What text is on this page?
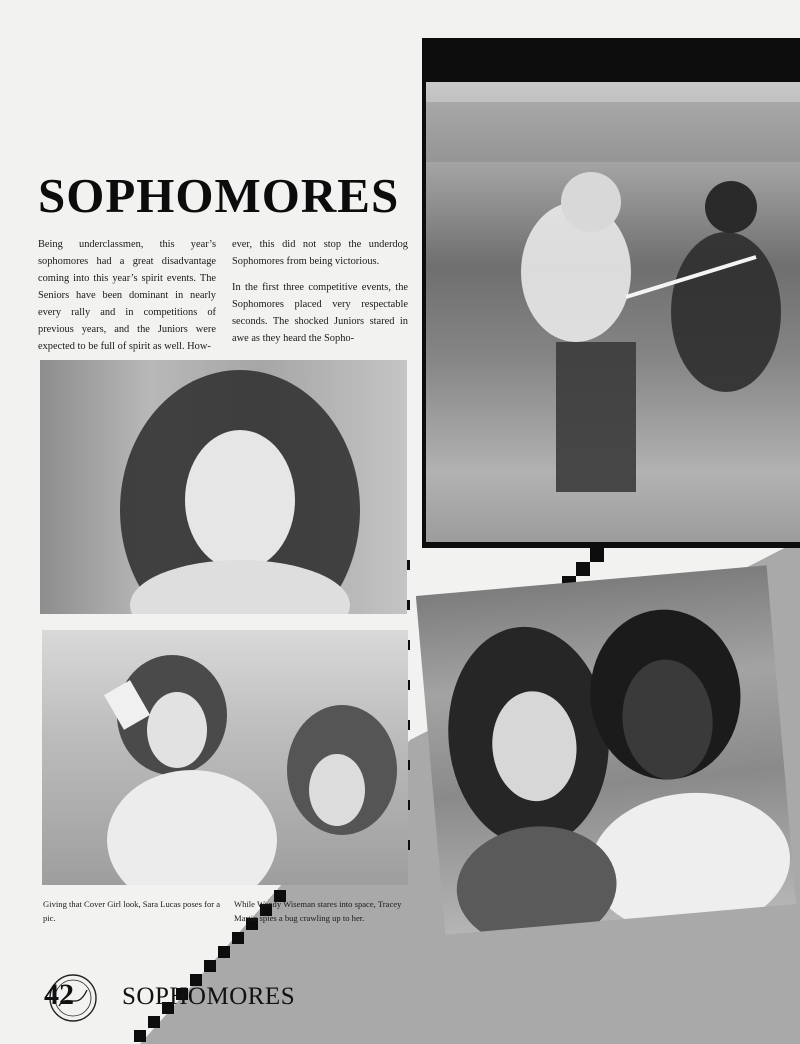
SOPHOMORES

Being underclassmen, this year’s sophomores had a great disadvantage coming into this year’s spirit events. The Seniors have been dominant in nearly every rally and in competitions of previous years, and the Juniors were expected to be full of spirit as well. How-

ever, this did not stop the underdog Sophomores from being victorious.

In the first three competitive events, the Sophomores placed very respectable seconds. The shocked Juniors stared in awe as they heard the Sopho-

Giving that Cover Girl look, Sara Lucas poses for a pic.
While Wendy Wiseman stares into space, Tracey Martin spies a bug crawling up to her.
42 SOPHOMORES
